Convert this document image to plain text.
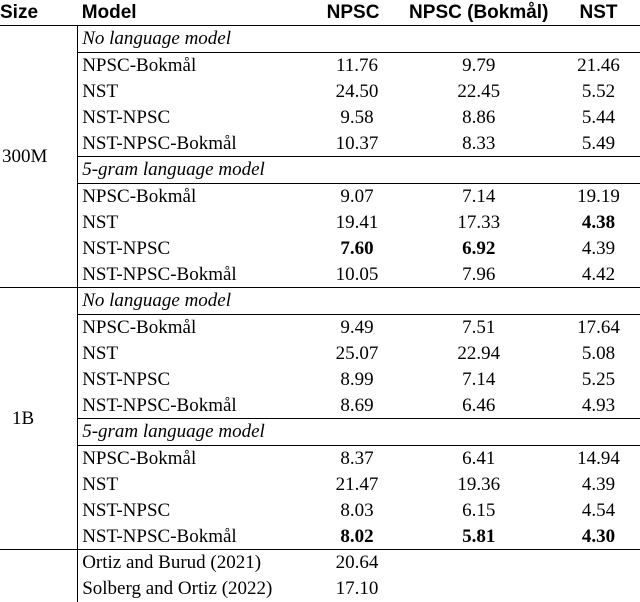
Size	Model	NPSC	NPSC (Bokmål)	NST
300M	No language model			
	NPSC-Bokmål	11.76	9.79	21.46
	NST	24.50	22.45	5.52
	NST-NPSC	9.58	8.86	5.44
	NST-NPSC-Bokmål	10.37	8.33	5.49
	5-gram language model			
	NPSC-Bokmål	9.07	7.14	19.19
	NST	19.41	17.33	4.38
	NST-NPSC	7.60	6.92	4.39
	NST-NPSC-Bokmål	10.05	7.96	4.42
1B	No language model			
	NPSC-Bokmål	9.49	7.51	17.64
	NST	25.07	22.94	5.08
	NST-NPSC	8.99	7.14	5.25
	NST-NPSC-Bokmål	8.69	6.46	4.93
	5-gram language model			
	NPSC-Bokmål	8.37	6.41	14.94
	NST	21.47	19.36	4.39
	NST-NPSC	8.03	6.15	4.54
	NST-NPSC-Bokmål	8.02	5.81	4.30
	Ortiz and Burud (2021)	20.64		
	Solberg and Ortiz (2022)	17.10		
